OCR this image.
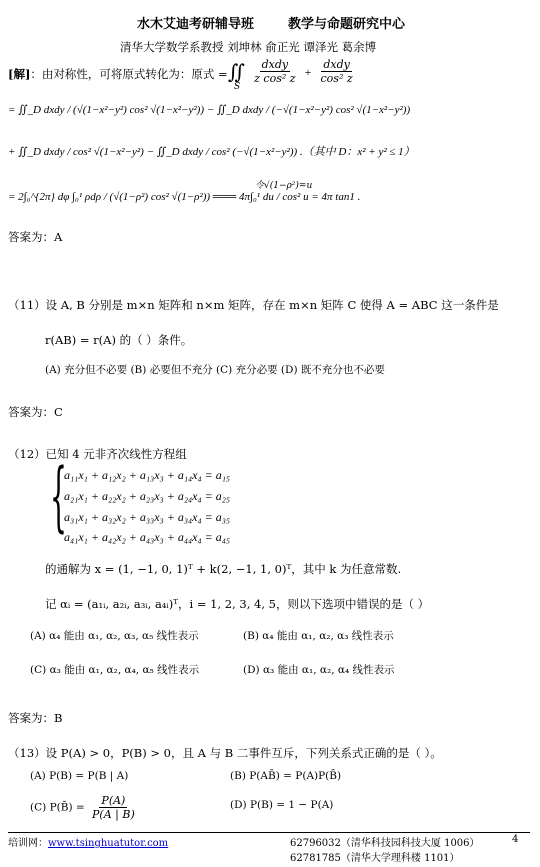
水木艾迪考研辅导班	教学与命题研究中心
清华大学数学系教授 刘坤林 俞正光 谭泽光 葛余博
[解]：由对称性，可将原式转化为：原式 = ∬ $\frac{\text{dxdy}}{\text{z cos² z}} + \frac{\text{dxdy}}{\text{cos² z}}$
S
= ∬_D dxdy / (√(1−x²−y²) cos² √(1−x²−y²)) − ∬_D dxdy / (−√(1−x²−y²) cos² √(1−x²−y²))
+ ∬_D dxdy / cos² √(1−x²−y²) − ∬_D dxdy / cos² (−√(1−x²−y²)) .（其中 D：x² + y² ≤ 1）
令√(1−ρ²)=u
= 2∫₀^{2π} dφ ∫₀¹ ρdρ / (√(1−ρ²) cos² √(1−ρ²)) ═══ 4π∫₀¹ du / cos² u = 4π tan1 .
答案为：A
（11）设 A, B 分别是 m×n 矩阵和 n×m 矩阵，存在 m×n 矩阵 C 使得 A = ABC 这一条件是
r(AB) = r(A) 的（ ）条件。
(A) 充分但不必要 (B) 必要但不充分 (C) 充分必要 (D) 既不充分也不必要
答案为：C
（12）已知 4 元非齐次线性方程组
{
a₁₁x₁ + a₁₂x₂ + a₁₃x₃ + a₁₄x₄ = a₁₅
a₂₁x₁ + a₂₂x₂ + a₂₃x₃ + a₂₄x₄ = a₂₅
a₃₁x₁ + a₃₂x₂ + a₃₃x₃ + a₃₄x₄ = a₃₅
a₄₁x₁ + a₄₂x₂ + a₄₃x₃ + a₄₄x₄ = a₄₅
的通解为 x = (1, −1, 0, 1)ᵀ + k(2, −1, 1, 0)ᵀ，其中 k 为任意常数.
记 αᵢ = (a₁ᵢ, a₂ᵢ, a₃ᵢ, a₄ᵢ)ᵀ，i = 1, 2, 3, 4, 5，则以下选项中错误的是（ ）
(A) α₄ 能由 α₁, α₂, α₃, α₅ 线性表示	(B) α₄ 能由 α₁, α₂, α₃ 线性表示
(C) α₃ 能由 α₁, α₂, α₄, α₅ 线性表示	(D) α₃ 能由 α₁, α₂, α₄ 线性表示
答案为：B
（13）设 P(A) > 0，P(B) > 0，且 A 与 B 二事件互斥，下列关系式正确的是（ ）。
(A) P(B) = P(B | A)	(B) P(AB̄) = P(A)P(B̄)
(C) P(B̄) = $\frac{P(A)}{P(A | B)}$	(D) P(B) = 1 − P(A)
培训网：www.tsinghuatutor.com	62796032（清华科技园科技大厦 1006）
62781785（清华大学理科楼 1101）
4
